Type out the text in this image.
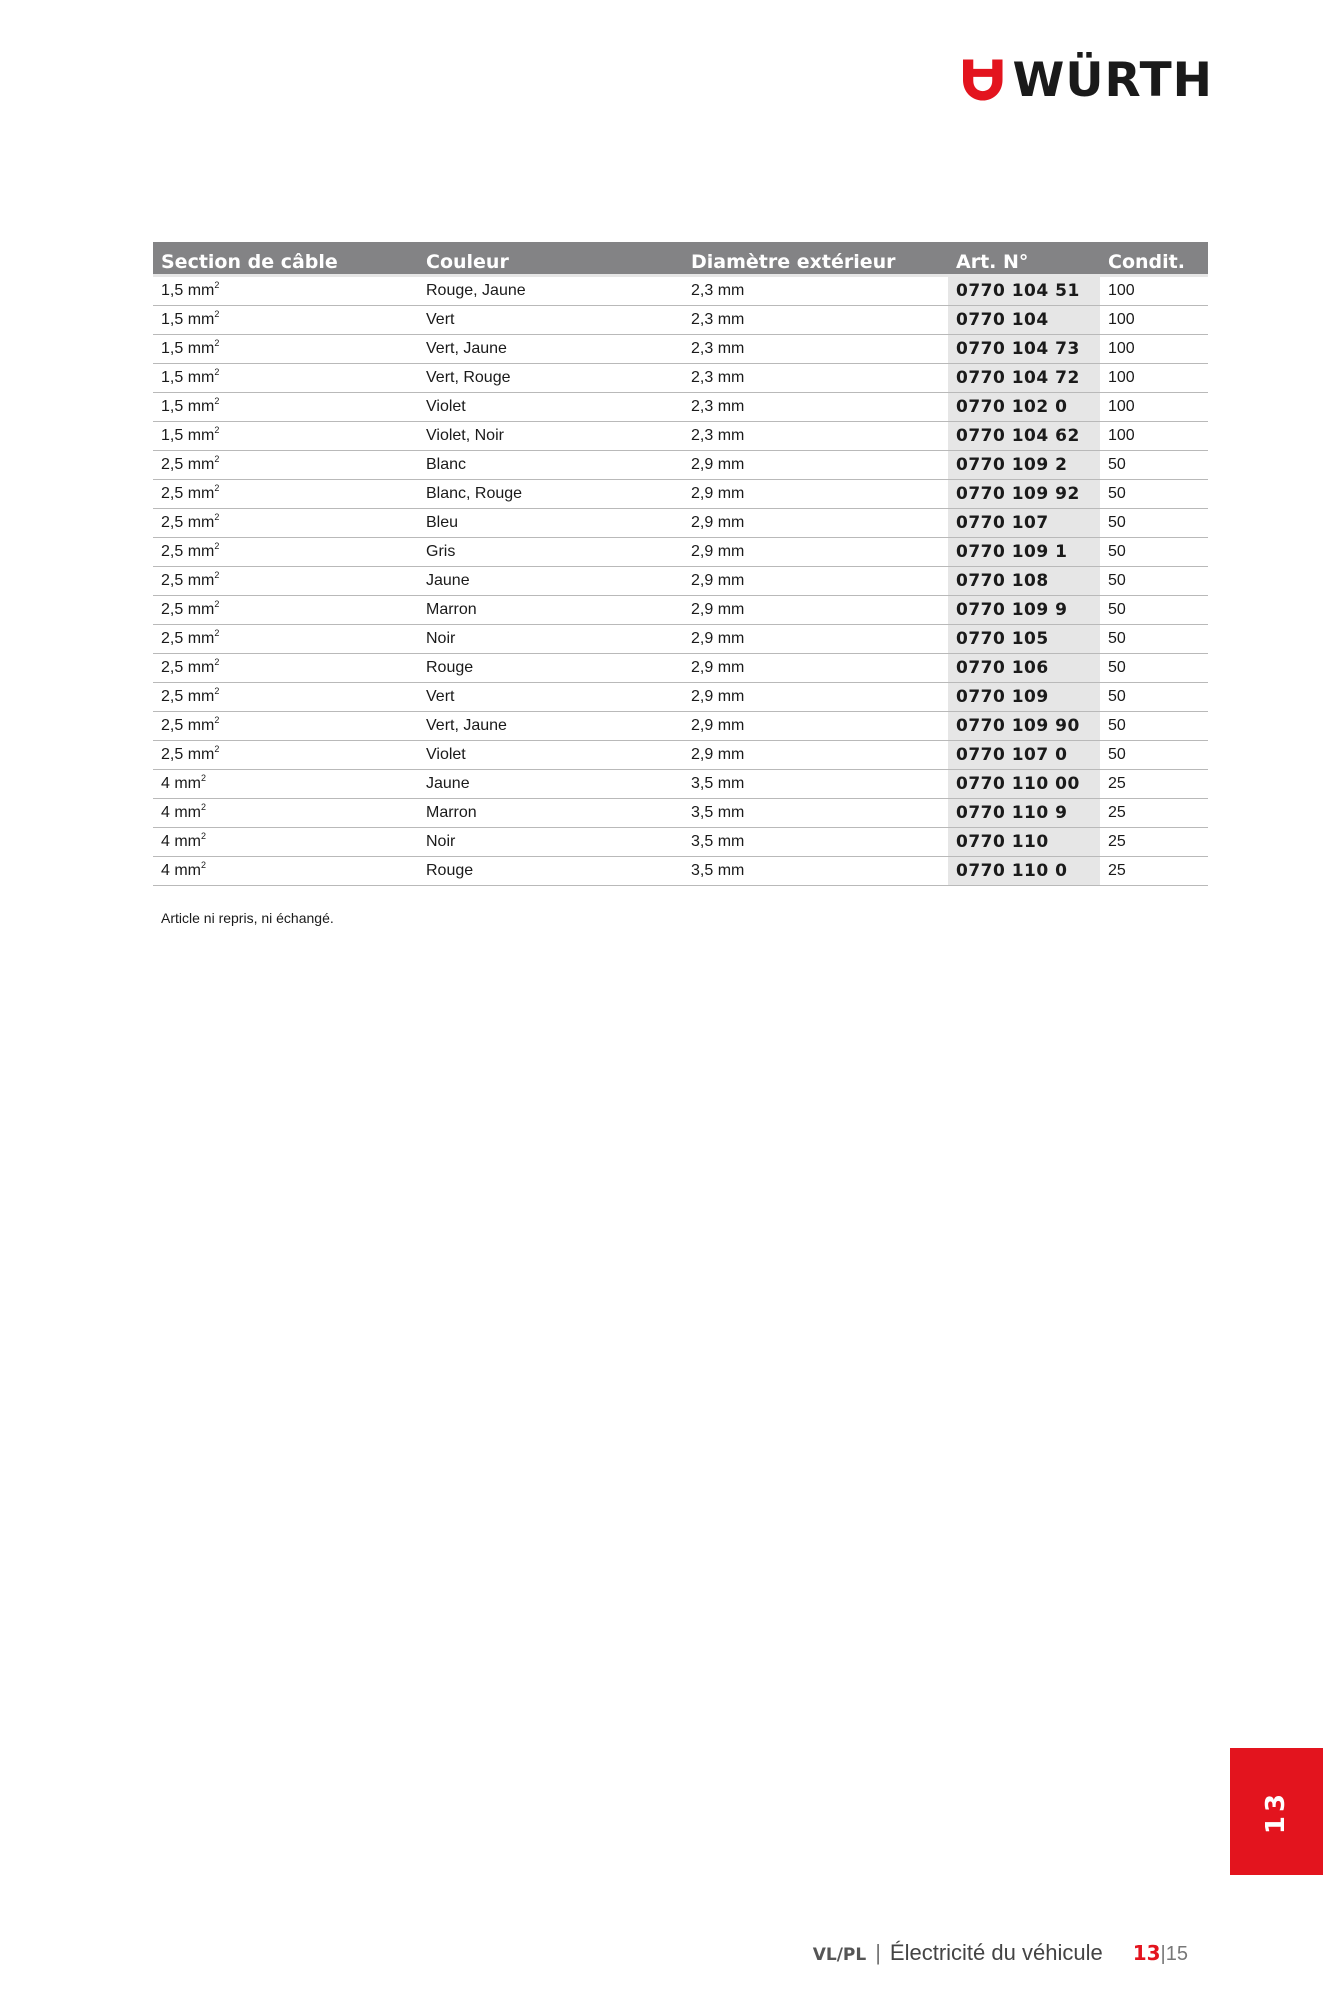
WÜRTH
Section de câble	Couleur	Diamètre extérieur	Art. N°	Condit.
1,5 $mm^2$	Rouge, Jaune	2,3 mm	0770 104 51	100
1,5 $mm^2$	Vert	2,3 mm	0770 104	100
1,5 $mm^2$	Vert, Jaune	2,3 mm	0770 104 73	100
1,5 $mm^2$	Vert, Rouge	2,3 mm	0770 104 72	100
1,5 $mm^2$	Violet	2,3 mm	0770 102 0	100
1,5 $mm^2$	Violet, Noir	2,3 mm	0770 104 62	100
2,5 $mm^2$	Blanc	2,9 mm	0770 109 2	50
2,5 $mm^2$	Blanc, Rouge	2,9 mm	0770 109 92	50
2,5 $mm^2$	Bleu	2,9 mm	0770 107	50
2,5 $mm^2$	Gris	2,9 mm	0770 109 1	50
2,5 $mm^2$	Jaune	2,9 mm	0770 108	50
2,5 $mm^2$	Marron	2,9 mm	0770 109 9	50
2,5 $mm^2$	Noir	2,9 mm	0770 105	50
2,5 $mm^2$	Rouge	2,9 mm	0770 106	50
2,5 $mm^2$	Vert	2,9 mm	0770 109	50
2,5 $mm^2$	Vert, Jaune	2,9 mm	0770 109 90	50
2,5 $mm^2$	Violet	2,9 mm	0770 107 0	50
4 $mm^2$	Jaune	3,5 mm	0770 110 00	25
4 $mm^2$	Marron	3,5 mm	0770 110 9	25
4 $mm^2$	Noir	3,5 mm	0770 110	25
4 $mm^2$	Rouge	3,5 mm	0770 110 0	25
Article ni repris, ni échangé.
13
VL/PL | Électricité du véhicule 13 | 15
